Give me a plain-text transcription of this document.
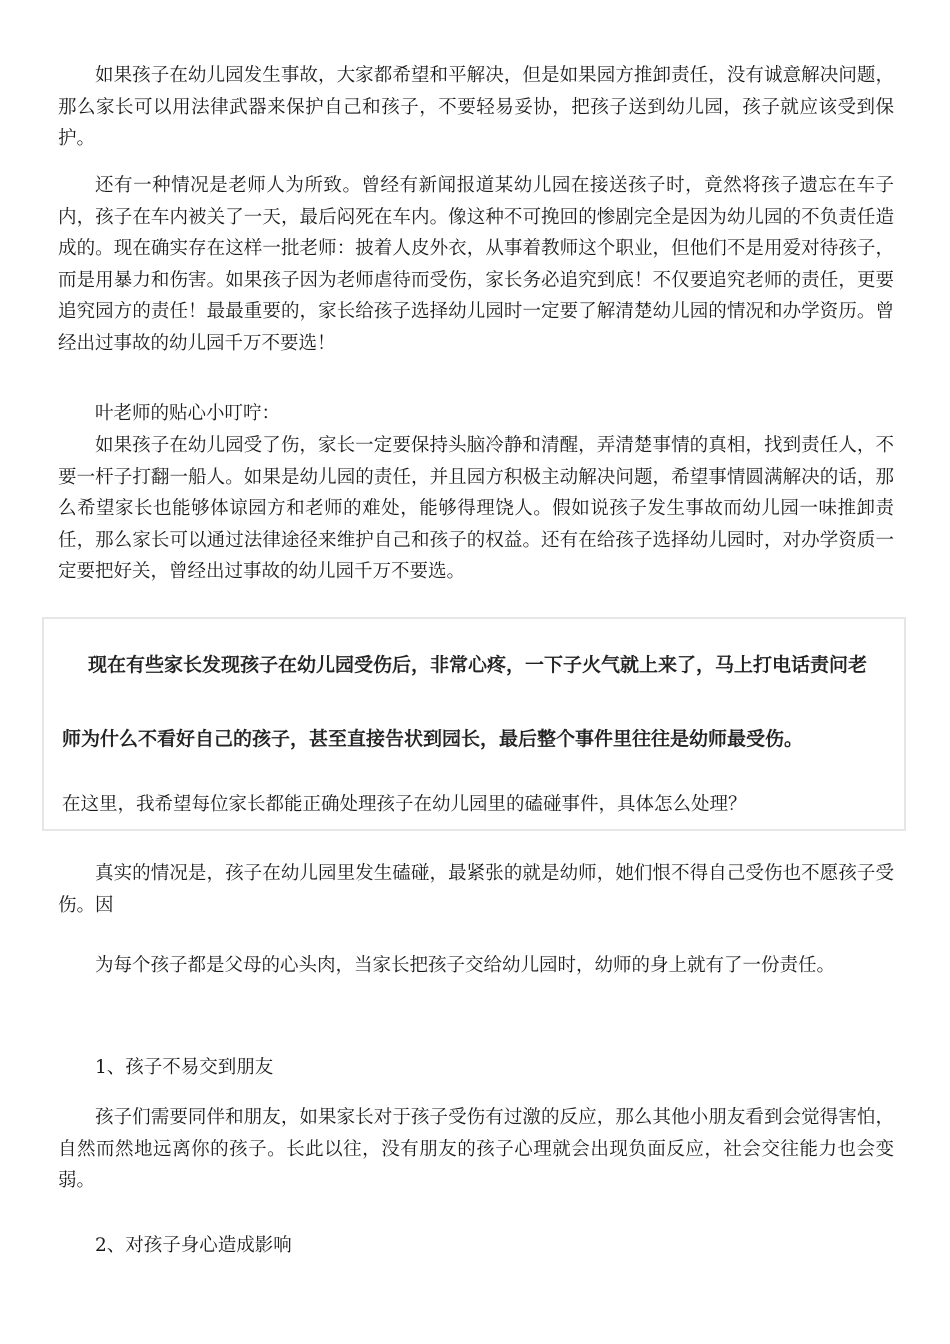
如果孩子在幼儿园发生事故，大家都希望和平解决，但是如果园方推卸责任，没有诚意解决问题，那么家长可以用法律武器来保护自己和孩子，不要轻易妥协，把孩子送到幼儿园，孩子就应该受到保护。

还有一种情况是老师人为所致。曾经有新闻报道某幼儿园在接送孩子时，竟然将孩子遗忘在车子内，孩子在车内被关了一天，最后闷死在车内。像这种不可挽回的惨剧完全是因为幼儿园的不负责任造成的。现在确实存在这样一批老师：披着人皮外衣，从事着教师这个职业，但他们不是用爱对待孩子，而是用暴力和伤害。如果孩子因为老师虐待而受伤，家长务必追究到底！不仅要追究老师的责任，更要追究园方的责任！最最重要的，家长给孩子选择幼儿园时一定要了解清楚幼儿园的情况和办学资历。曾经出过事故的幼儿园千万不要选！

叶老师的贴心小叮咛：

如果孩子在幼儿园受了伤，家长一定要保持头脑冷静和清醒，弄清楚事情的真相，找到责任人，不要一杆子打翻一船人。如果是幼儿园的责任，并且园方积极主动解决问题，希望事情圆满解决的话，那么希望家长也能够体谅园方和老师的难处，能够得理饶人。假如说孩子发生事故而幼儿园一味推卸责任，那么家长可以通过法律途径来维护自己和孩子的权益。还有在给孩子选择幼儿园时，对办学资质一定要把好关，曾经出过事故的幼儿园千万不要选。

现在有些家长发现孩子在幼儿园受伤后，非常心疼，一下子火气就上来了，马上打电话责问老

师为什么不看好自己的孩子，甚至直接告状到园长，最后整个事件里往往是幼师最受伤。

在这里，我希望每位家长都能正确处理孩子在幼儿园里的磕碰事件，具体怎么处理？

真实的情况是，孩子在幼儿园里发生磕碰，最紧张的就是幼师，她们恨不得自己受伤也不愿孩子受伤。因

为每个孩子都是父母的心头肉，当家长把孩子交给幼儿园时，幼师的身上就有了一份责任。

1、孩子不易交到朋友

孩子们需要同伴和朋友，如果家长对于孩子受伤有过激的反应，那么其他小朋友看到会觉得害怕，自然而然地远离你的孩子。长此以往，没有朋友的孩子心理就会出现负面反应，社会交往能力也会变弱。

2、对孩子身心造成影响
